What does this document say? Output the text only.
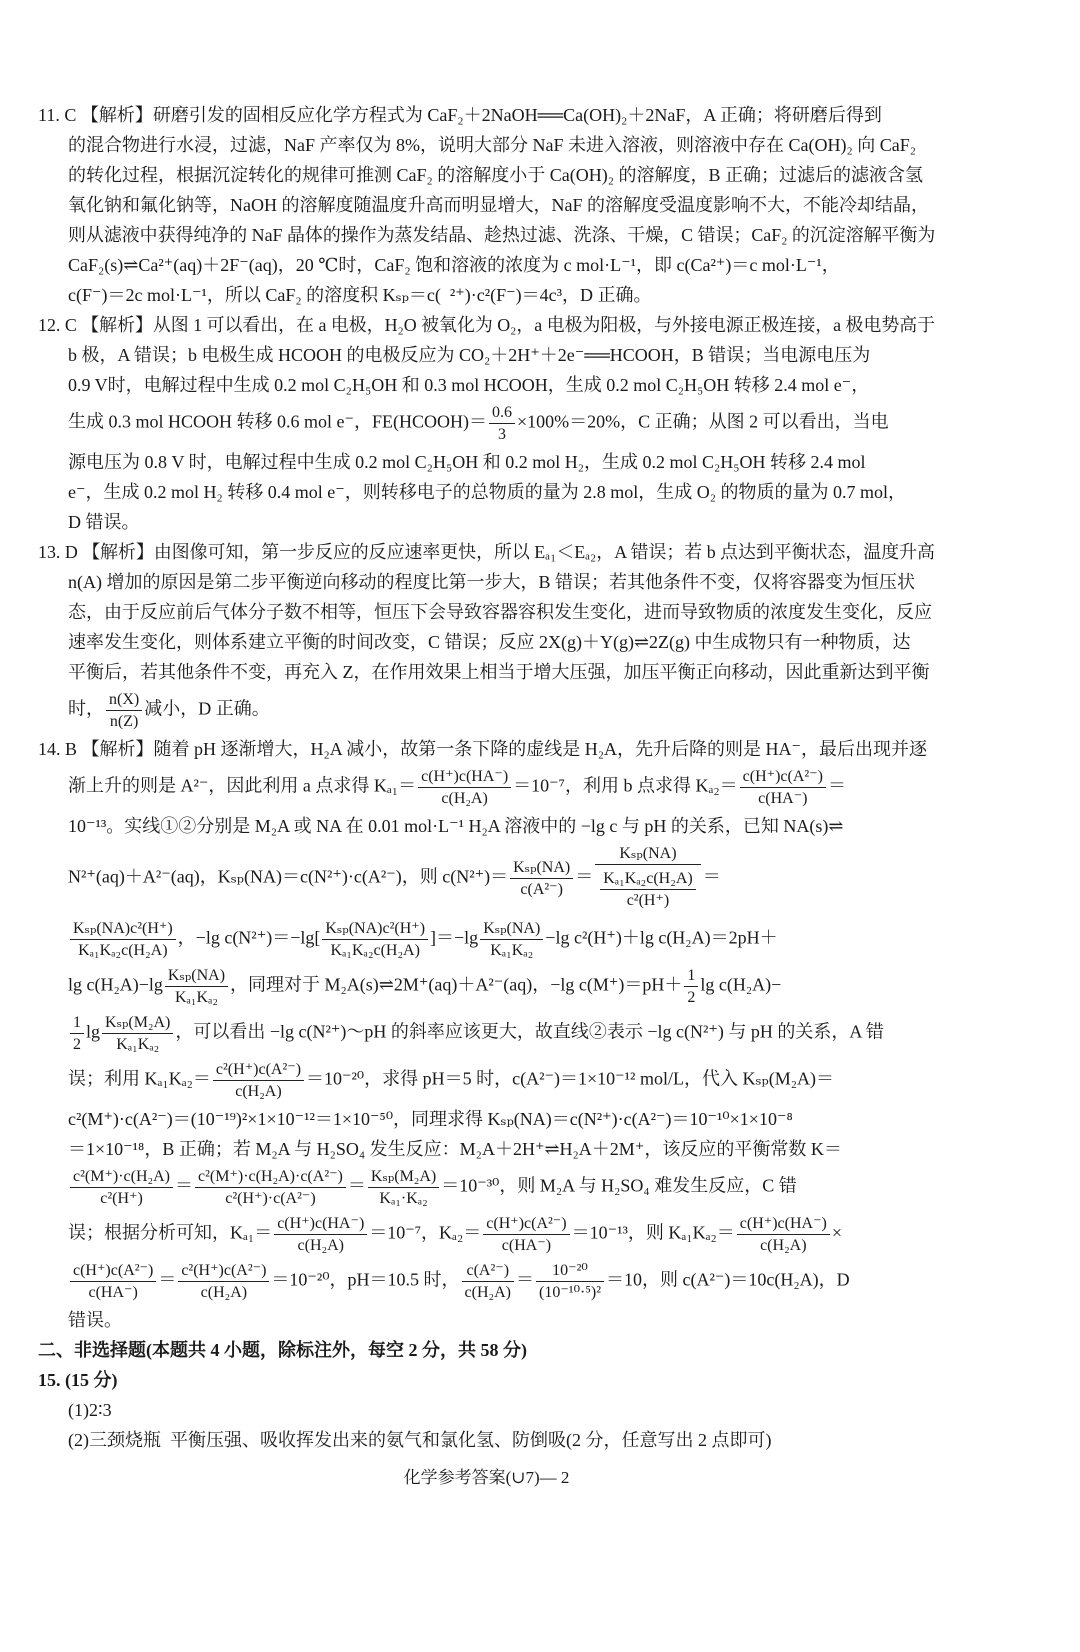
11. C 【解析】研磨引发的固相反应化学方程式为 CaF₂＋2NaOH══Ca(OH)₂＋2NaF，A 正确；将研磨后得到
的混合物进行水浸，过滤，NaF 产率仅为 8%，说明大部分 NaF 未进入溶液，则溶液中存在 Ca(OH)₂ 向 CaF₂
的转化过程，根据沉淀转化的规律可推测 CaF₂ 的溶解度小于 Ca(OH)₂ 的溶解度，B 正确；过滤后的滤液含氢
氧化钠和氟化钠等，NaOH 的溶解度随温度升高而明显增大，NaF 的溶解度受温度影响不大，不能冷却结晶，
则从滤液中获得纯净的 NaF 晶体的操作为蒸发结晶、趁热过滤、洗涤、干燥，C 错误；CaF₂ 的沉淀溶解平衡为
CaF₂(s)⇌Ca²⁺(aq)＋2F⁻(aq)，20 ℃时，CaF₂ 饱和溶液的浓度为 c mol·L⁻¹，即 c(Ca²⁺)＝c mol·L⁻¹，
c(F⁻)＝2c mol·L⁻¹，所以 CaF₂ 的溶度积 Kₛₚ＝c(  ²⁺)·c²(F⁻)＝4c³，D 正确。
12. C 【解析】从图 1 可以看出，在 a 电极，H₂O 被氧化为 O₂，a 电极为阳极，与外接电源正极连接，a 极电势高于
b 极，A 错误；b 电极生成 HCOOH 的电极反应为 CO₂＋2H⁺＋2e⁻══HCOOH，B 错误；当电源电压为
0.9 V时，电解过程中生成 0.2 mol C₂H₅OH 和 0.3 mol HCOOH，生成 0.2 mol C₂H₅OH 转移 2.4 mol e⁻，
生成 0.3 mol HCOOH 转移 0.6 mol e⁻，FE(HCOOH)＝ $\frac{0.6}{3} \times 100\%=20\%$，C 正确；从图 2 可以看出，当电
源电压为 0.8 V 时，电解过程中生成 0.2 mol C₂H₅OH 和 0.2 mol H₂，生成 0.2 mol C₂H₅OH 转移 2.4 mol
e⁻，生成 0.2 mol H₂ 转移 0.4 mol e⁻，则转移电子的总物质的量为 2.8 mol，生成 O₂ 的物质的量为 0.7 mol，
D 错误。
13. D 【解析】由图像可知，第一步反应的反应速率更快，所以 Eₐ₁＜Eₐ₂，A 错误；若 b 点达到平衡状态，温度升高
n(A) 增加的原因是第二步平衡逆向移动的程度比第一步大，B 错误；若其他条件不变，仅将容器变为恒压状
态，由于反应前后气体分子数不相等，恒压下会导致容器容积发生变化，进而导致物质的浓度发生变化，反应
速率发生变化，则体系建立平衡的时间改变，C 错误；反应 2X(g)＋Y(g)⇌2Z(g) 中生成物只有一种物质，达
平衡后，若其他条件不变，再充入 Z，在作用效果上相当于增大压强，加压平衡正向移动，因此重新达到平衡
时， $\frac{n(X)}{n(Z)}$ 减小，D 正确。
14. B 【解析】随着 pH 逐渐增大，H₂A 减小，故第一条下降的虚线是 H₂A，先升后降的则是 HA⁻，最后出现并逐
渐上升的则是 A²⁻，因此利用 a 点求得 $K_{a1}= \frac{c(H^+)c(HA^-)}{\text{c(H₂A)}} =10^{-7}$，利用 b 点求得 $K_{a2}= \frac{\text{c(H⁺)c(A²⁻)}}{c(HA^-)}$ ＝
10⁻¹³。实线①②分别是 M₂A 或 NA 在 0.01 mol·L⁻¹ H₂A 溶液中的 −lg c 与 pH 的关系，已知 NA(s)⇌
N²⁺(aq)＋A²⁻(aq)，Kₛₚ(NA)＝c(N²⁺)·c(A²⁻)，则 $c(N^{2+})= \frac{\text{Kₛₚ(NA)}}{\text{c(A²⁻)}} = \frac{\text{Kₛₚ(NA)}}{\frac{\text{Kₐ₁Kₐ₂c(H₂A)}}{\text{c²(H⁺)}}}$ ＝
$\frac{\text{Kₛₚ(NA)c²(H⁺)}}{\text{Kₐ₁Kₐ₂c(H₂A)}}$ ，−lg $c(N^{2+})=-\lg[ \frac{\text{Kₛₚ(NA)c²(H⁺)}}{\text{Kₐ₁Kₐ₂c(H₂A)}} ]=-\lg \frac{\text{Kₛₚ(NA)}}{\text{Kₐ₁Kₐ₂}} -\lg$ c²(H⁺)＋lg c(H₂A)＝2pH＋
$\lg c(H_2A)-\lg \frac{\text{Kₛₚ(NA)}}{\text{Kₐ₁Kₐ₂}}$ ，同理对于 M₂A(s)⇌2M⁺(aq)＋A²⁻(aq)，−lg $c(M^+)=pH+ \frac{1}{2}$ lg c(H₂A)−
$\frac{1}{2}$ $\lg \frac{\text{Kₛₚ(M₂A)}}{\text{Kₐ₁Kₐ₂}}$ ，可以看出 −lg c(N²⁺)～pH 的斜率应该更大，故直线②表示 −lg c(N²⁺) 与 pH 的关系，A 错
误；利用 $K_{a1}K_{a2}= \frac{\text{c²(H⁺)c(A²⁻)}}{\text{c(H₂A)}} =10^{-20}$，求得 pH＝5 时，c(A²⁻)＝1×10⁻¹² mol/L，代入 Kₛₚ(M₂A)＝
c²(M⁺)·c(A²⁻)＝(10⁻¹⁹)²×1×10⁻¹²＝1×10⁻⁵⁰，同理求得 Kₛₚ(NA)＝c(N²⁺)·c(A²⁻)＝10⁻¹⁰×1×10⁻⁸
＝1×10⁻¹⁸，B 正确；若 M₂A 与 H₂SO₄ 发生反应：M₂A＋2H⁺⇌H₂A＋2M⁺，该反应的平衡常数 K＝
$\frac{\text{c²(M⁺)·c(H₂A)}}{\text{c²(H⁺)}} = \frac{\text{c²(M⁺)·c(H₂A)·c(A²⁻)}}{\text{c²(H⁺)·c(A²⁻)}} = \frac{\text{Kₛₚ(M₂A)}}{\text{Kₐ₁·Kₐ₂}} =10^{-30}$，则 M₂A 与 H₂SO₄ 难发生反应，C 错
误；根据分析可知，$K_{a1}= \frac{c(H^+)c(HA^-)}{\text{c(H₂A)}} =10^{-7}$，$K_{a2}= \frac{\text{c(H⁺)c(A²⁻)}}{c(HA^-)} =10^{-13}$，则 $K_{a1}K_{a2}= \frac{c(H^+)c(HA^-)}{\text{c(H₂A)}}$ ×
$\frac{\text{c(H⁺)c(A²⁻)}}{c(HA^-)} = \frac{\text{c²(H⁺)c(A²⁻)}}{\text{c(H₂A)}} =10^{-20}$，pH＝10.5 时， $\frac{\text{c(A²⁻)}}{\text{c(H₂A)}} = \frac{\text{10⁻²⁰}}{\text{(10⁻¹⁰·⁵)²}} =10$，则 c(A²⁻)＝10c(H₂A)，D
错误。
二、非选择题(本题共 4 小题，除标注外，每空 2 分，共 58 分)
15. (15 分)
(1)2∶3
(2)三颈烧瓶  平衡压强、吸收挥发出来的氨气和氯化氢、防倒吸(2 分，任意写出 2 点即可)
化学参考答案(∪7)— 2
